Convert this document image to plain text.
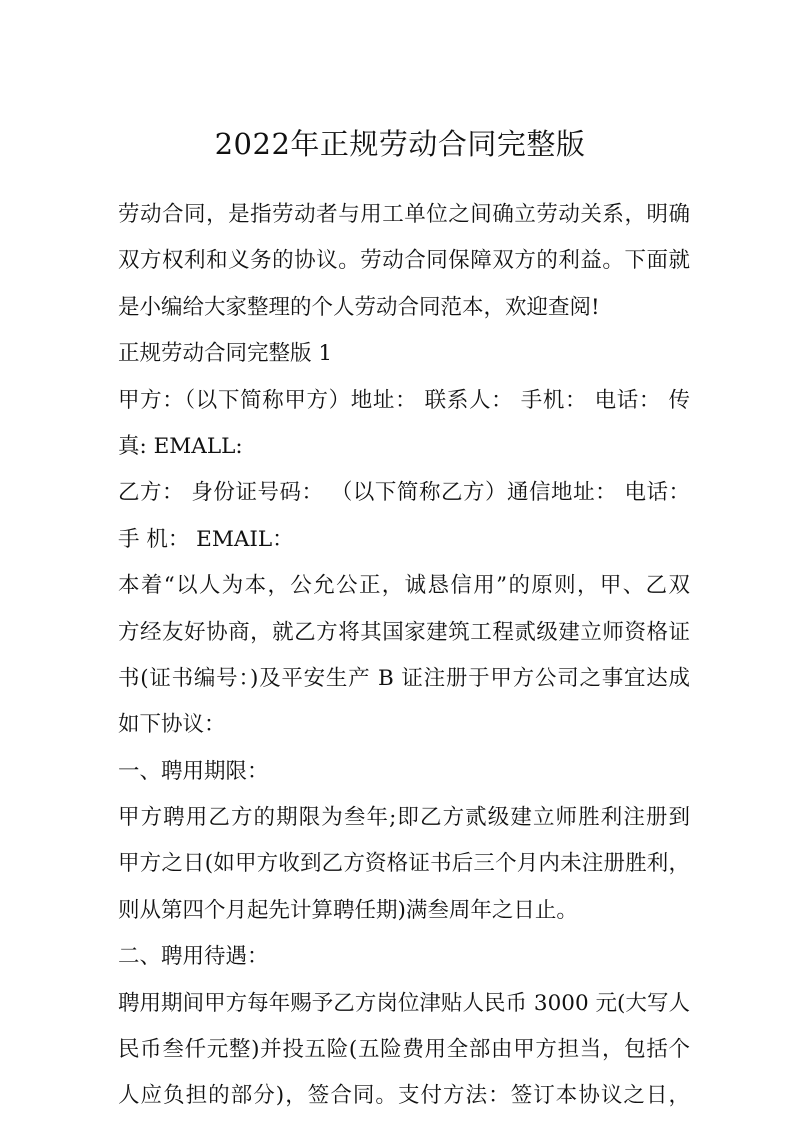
2022年正规劳动合同完整版
劳动合同，是指劳动者与用工单位之间确立劳动关系，明确
双方权利和义务的协议。劳动合同保障双方的利益。下面就
是小编给大家整理的个人劳动合同范本，欢迎查阅!
正规劳动合同完整版 1
甲方：（以下简称甲方）地址： 联系人： 手机： 电话： 传
真: EMALL:
乙方： 身份证号码： （以下简称乙方）通信地址： 电话：
手 机： EMAIL：
本着“以人为本，公允公正，诚恳信用”的原则，甲、乙双
方经友好协商，就乙方将其国家建筑工程贰级建立师资格证
书(证书编号：)及平安生产 B 证注册于甲方公司之事宜达成
如下协议：
一、聘用期限：
甲方聘用乙方的期限为叁年;即乙方贰级建立师胜利注册到
甲方之日(如甲方收到乙方资格证书后三个月内未注册胜利，
则从第四个月起先计算聘任期)满叁周年之日止。
二、聘用待遇：
聘用期间甲方每年赐予乙方岗位津贴人民币 3000 元(大写人
民币叁仟元整)并投五险(五险费用全部由甲方担当，包括个
人应负担的部分)，签合同。支付方法：签订本协议之日，
